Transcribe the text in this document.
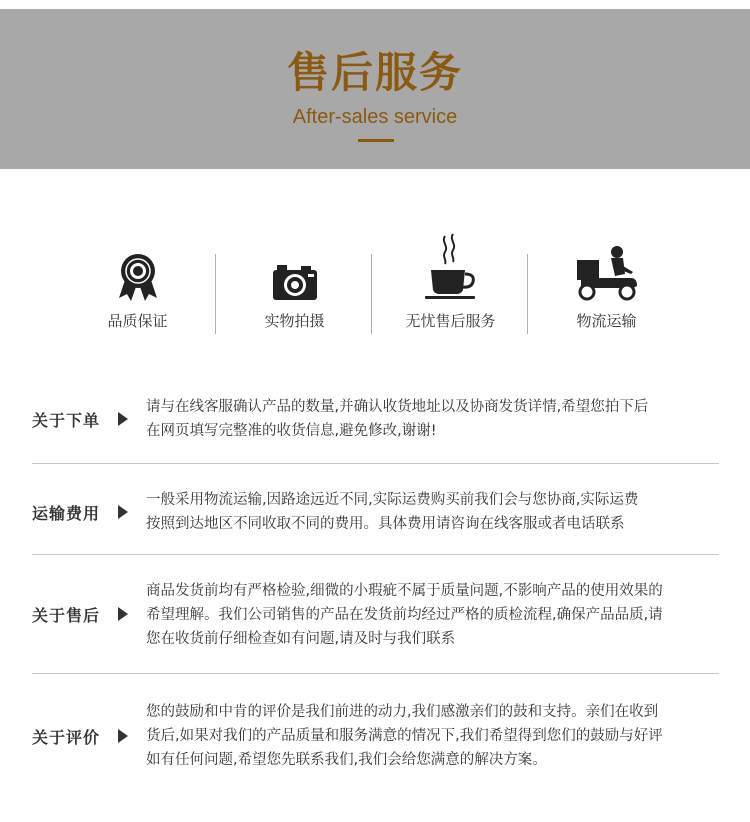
售后服务
After-sales service
品质保证	实物拍摄	无忧售后服务	物流运输
关于下单
请与在线客服确认产品的数量,并确认收货地址以及协商发货详情,希望您拍下后
在网页填写完整准的收货信息,避免修改,谢谢!
运输费用
一般采用物流运输,因路途远近不同,实际运费购买前我们会与您协商,实际运费
按照到达地区不同收取不同的费用。具体费用请咨询在线客服或者电话联系
关于售后
商品发货前均有严格检验,细微的小瑕疵不属于质量问题,不影响产品的使用效果的
希望理解。我们公司销售的产品在发货前均经过严格的质检流程,确保产品品质,请
您在收货前仔细检查如有问题,请及时与我们联系
关于评价
您的鼓励和中肯的评价是我们前进的动力,我们感激亲们的鼓和支持。亲们在收到
货后,如果对我们的产品质量和服务满意的情况下,我们希望得到您们的鼓励与好评
如有任何问题,希望您先联系我们,我们会给您满意的解决方案。
